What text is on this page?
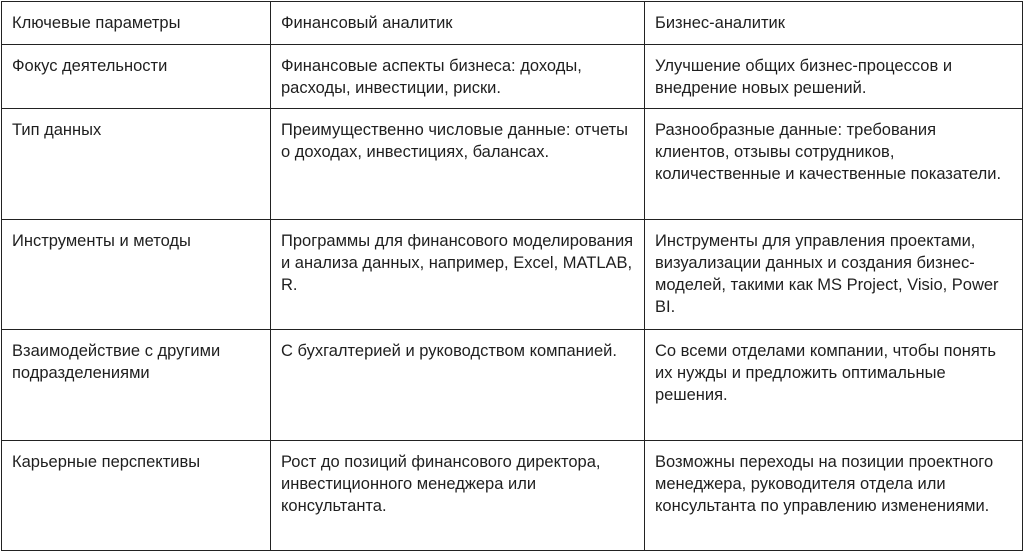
Ключевые параметры	Финансовый аналитик	Бизнес-аналитик
Фокус деятельности	Финансовые аспекты бизнеса: доходы, расходы, инвестиции, риски.	Улучшение общих бизнес-процессов и внедрение новых решений.
Тип данных	Преимущественно числовые данные: отчеты о доходах, инвестициях, балансах.	Разнообразные данные: требования клиентов, отзывы сотрудников, количественные и качественные показатели.
Инструменты и методы	Программы для финансового моделирования и анализа данных, например, Excel, MATLAB, R.	Инструменты для управления проектами, визуализации данных и создания бизнес-моделей, такими как MS Project, Visio, Power BI.
Взаимодействие с другими подразделениями	С бухгалтерией и руководством компанией.	Со всеми отделами компании, чтобы понять их нужды и предложить оптимальные решения.
Карьерные перспективы	Рост до позиций финансового директора, инвестиционного менеджера или консультанта.	Возможны переходы на позиции проектного менеджера, руководителя отдела или консультанта по управлению изменениями.
